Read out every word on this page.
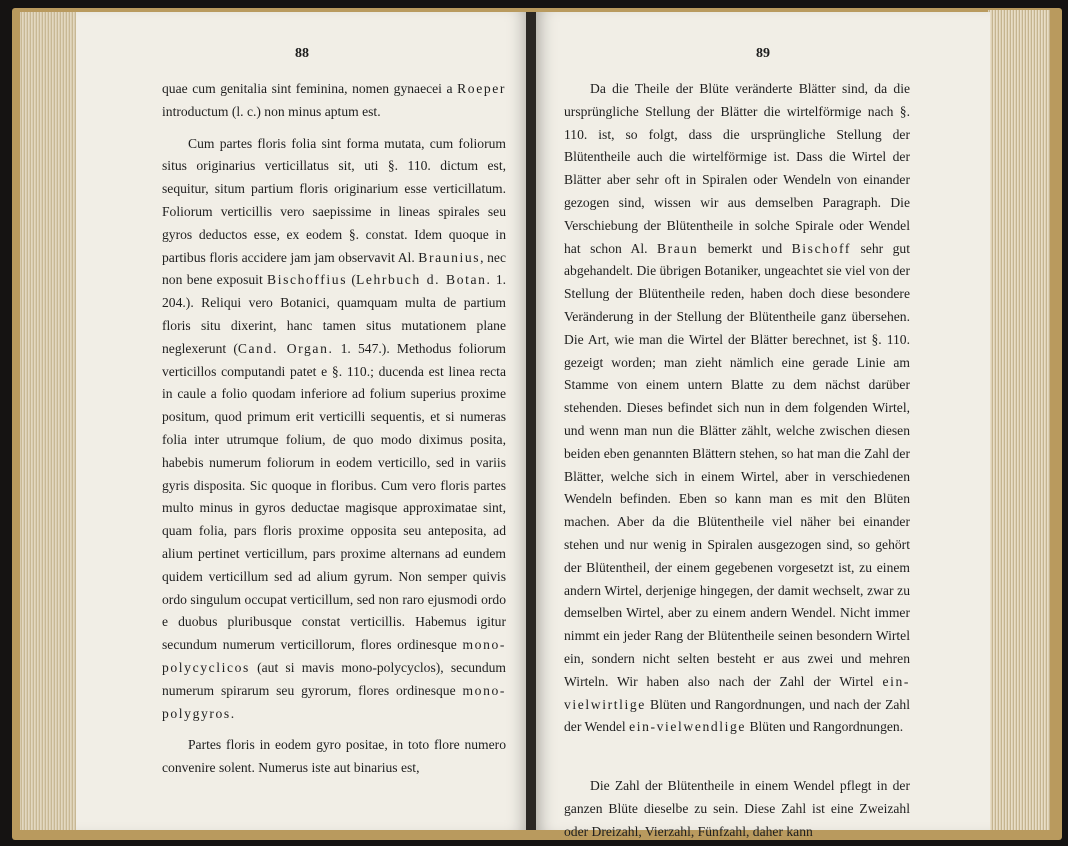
88

quae cum genitalia sint feminina, nomen gynaecei a Roeper introductum (l. c.) non minus aptum est.

Cum partes floris folia sint forma mutata, cum foliorum situs originarius verticillatus sit, uti §. 110. dictum est, sequitur, situm partium floris originarium esse verticillatum. Foliorum verticillis vero saepissime in lineas spirales seu gyros deductos esse, ex eodem §. constat. Idem quoque in partibus floris accidere jam jam observavit Al. Braunius, nec non bene exposuit Bischoffius (Lehrbuch d. Botan. 1. 204.). Reliqui vero Botanici, quamquam multa de partium floris situ dixerint, hanc tamen situs mutationem plane neglexerunt (Cand. Organ. 1. 547.). Methodus foliorum verticillos computandi patet e §. 110.; ducenda est linea recta in caule a folio quodam inferiore ad folium superius proxime positum, quod primum erit verticilli sequentis, et si numeras folia inter utrumque folium, de quo modo diximus posita, habebis numerum foliorum in eodem verticillo, sed in variis gyris disposita. Sic quoque in floribus. Cum vero floris partes multo minus in gyros deductae magisque approximatae sint, quam folia, pars floris proxime opposita seu anteposita, ad alium pertinet verticillum, pars proxime alternans ad eundem quidem verticillum sed ad alium gyrum. Non semper quivis ordo singulum occupat verticillum, sed non raro ejusmodi ordo e duobus pluribusque constat verticillis. Habemus igitur secundum numerum verticillorum, flores ordinesque mono-polycyclicos (aut si mavis mono-polycyclos), secundum numerum spirarum seu gyrorum, flores ordinesque mono-polygyros.

Partes floris in eodem gyro positae, in toto flore numero convenire solent. Numerus iste aut binarius est,

89

Da die Theile der Blüte veränderte Blätter sind, da die ursprüngliche Stellung der Blätter die wirtelförmige nach §. 110. ist, so folgt, dass die ursprüngliche Stellung der Blütentheile auch die wirtelförmige ist. Dass die Wirtel der Blätter aber sehr oft in Spiralen oder Wendeln von einander gezogen sind, wissen wir aus demselben Paragraph. Die Verschiebung der Blütentheile in solche Spirale oder Wendel hat schon Al. Braun bemerkt und Bischoff sehr gut abgehandelt. Die übrigen Botaniker, ungeachtet sie viel von der Stellung der Blütentheile reden, haben doch diese besondere Veränderung in der Stellung der Blütentheile ganz übersehen. Die Art, wie man die Wirtel der Blätter berechnet, ist §. 110. gezeigt worden; man zieht nämlich eine gerade Linie am Stamme von einem untern Blatte zu dem nächst darüber stehenden. Dieses befindet sich nun in dem folgenden Wirtel, und wenn man nun die Blätter zählt, welche zwischen diesen beiden eben genannten Blättern stehen, so hat man die Zahl der Blätter, welche sich in einem Wirtel, aber in verschiedenen Wendeln befinden. Eben so kann man es mit den Blüten machen. Aber da die Blütentheile viel näher bei einander stehen und nur wenig in Spiralen ausgezogen sind, so gehört der Blütentheil, der einem gegebenen vorgesetzt ist, zu einem andern Wirtel, derjenige hingegen, der damit wechselt, zwar zu demselben Wirtel, aber zu einem andern Wendel. Nicht immer nimmt ein jeder Rang der Blütentheile seinen besondern Wirtel ein, sondern nicht selten besteht er aus zwei und mehren Wirteln. Wir haben also nach der Zahl der Wirtel ein-vielwirtlige Blüten und Rangordnungen, und nach der Zahl der Wendel ein-vielwendlige Blüten und Rangordnungen.

Die Zahl der Blütentheile in einem Wendel pflegt in der ganzen Blüte dieselbe zu sein. Diese Zahl ist eine Zweizahl oder Dreizahl, Vierzahl, Fünfzahl, daher kann
